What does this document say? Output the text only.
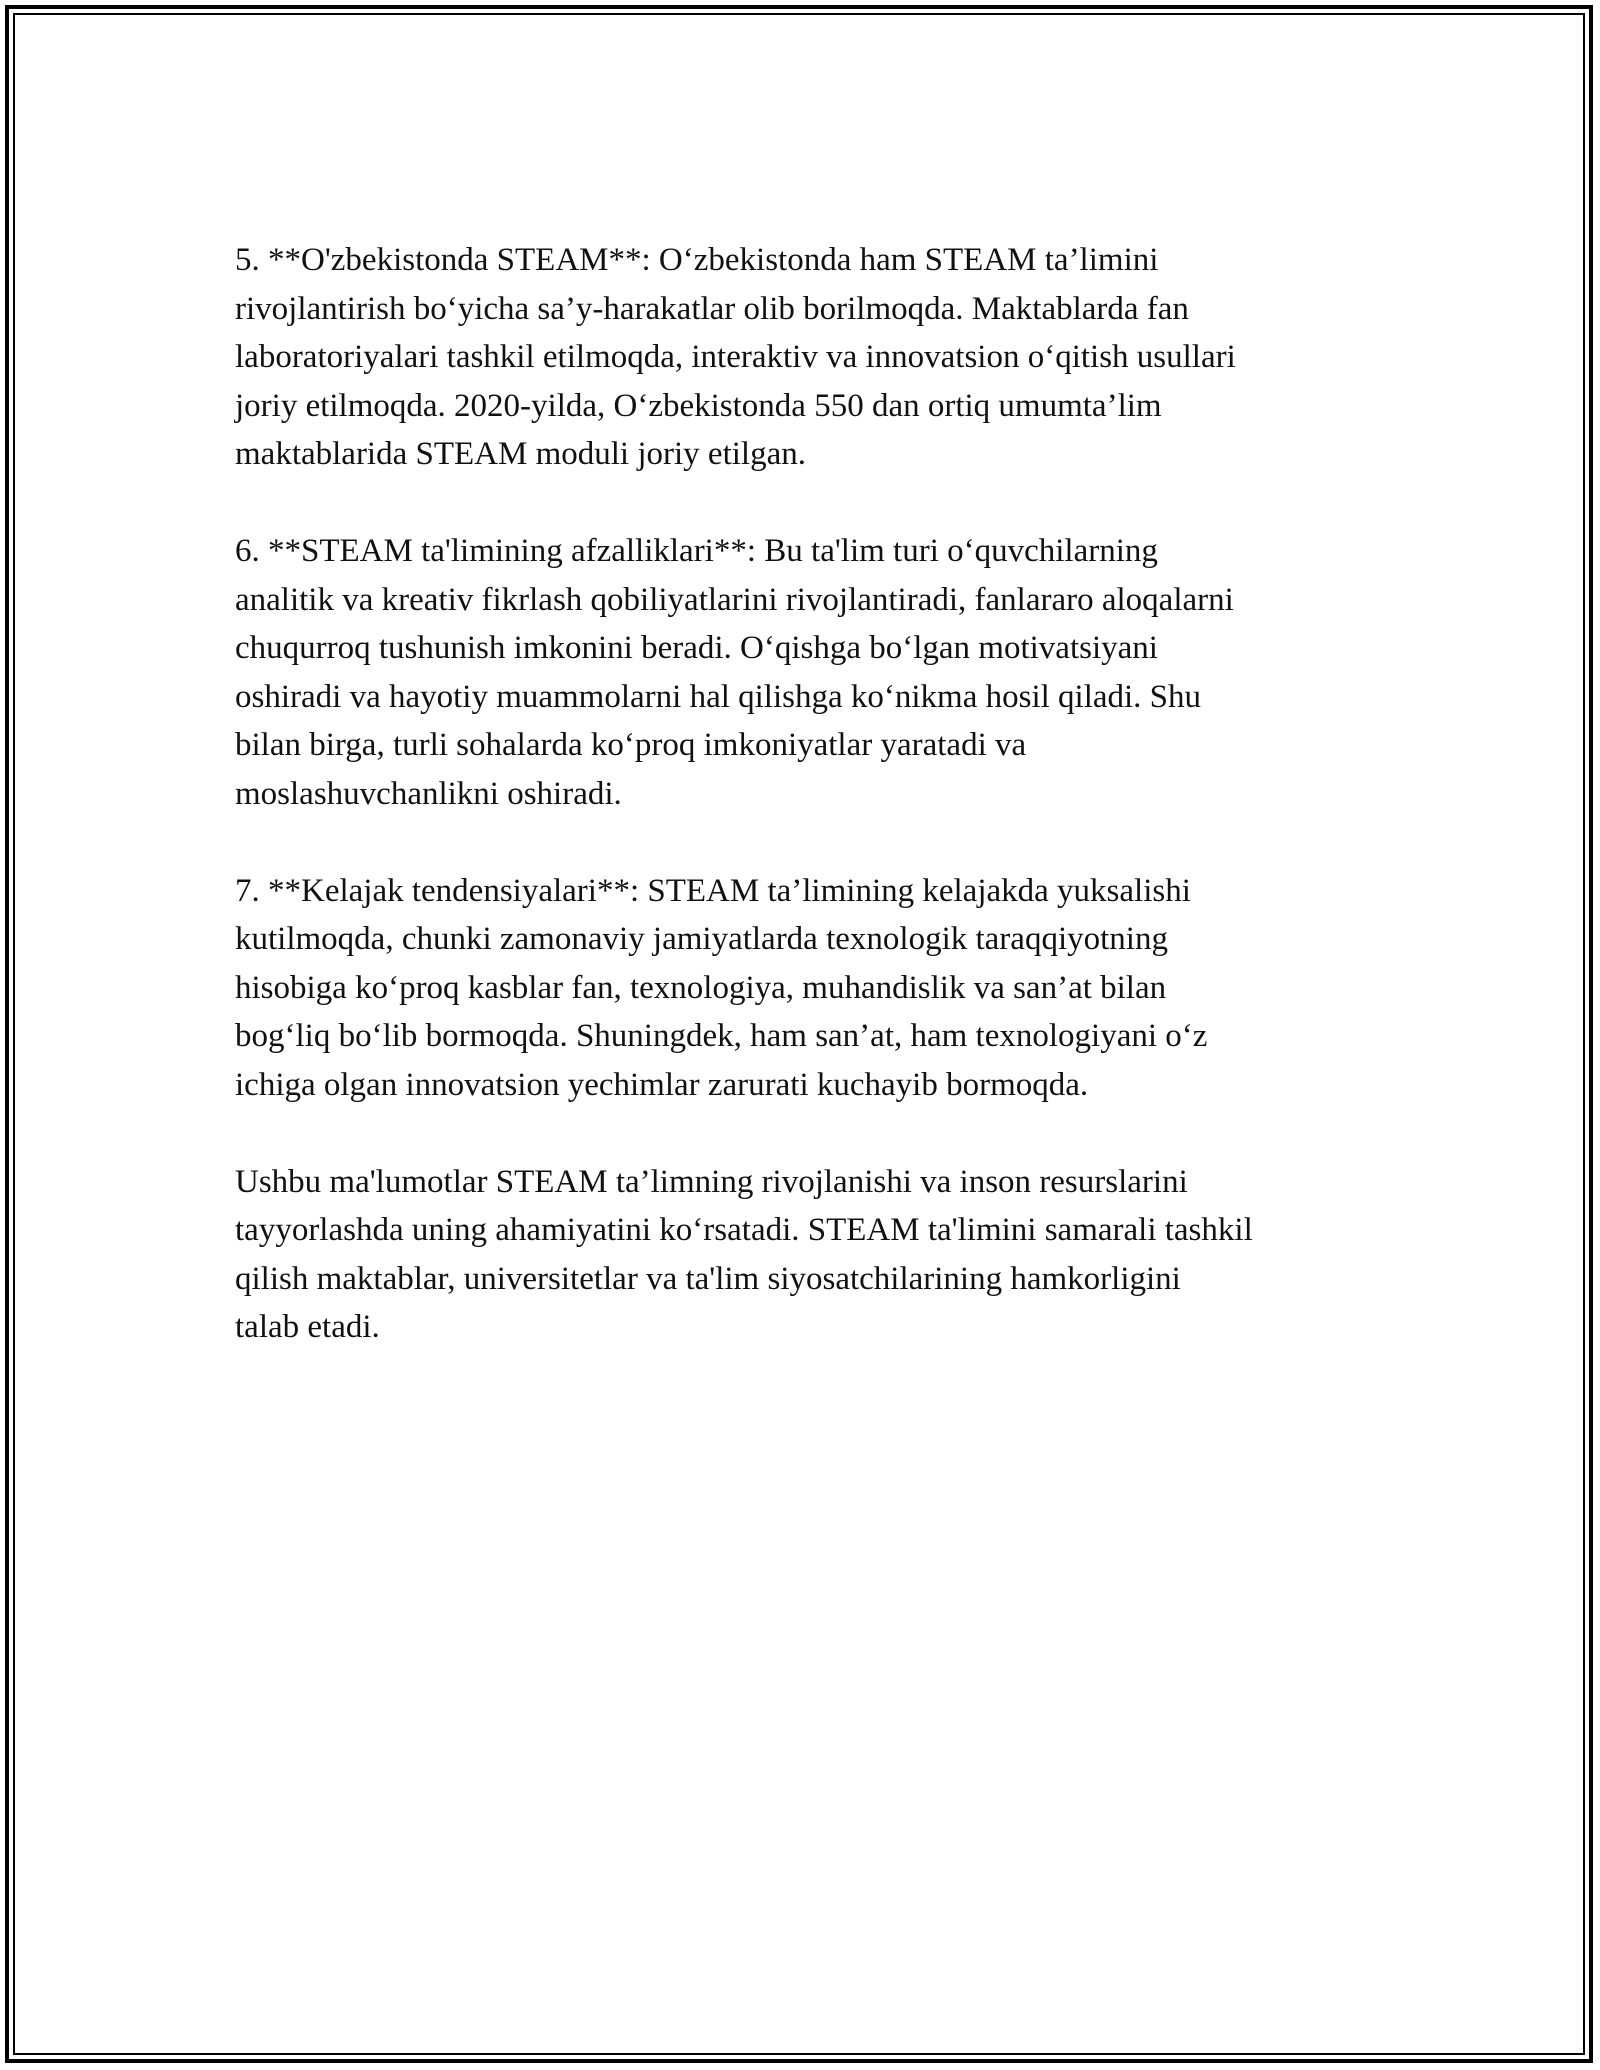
5. **O'zbekistonda STEAM**: O‘zbekistonda ham STEAM ta’limini
rivojlantirish bo‘yicha sa’y-harakatlar olib borilmoqda. Maktablarda fan
laboratoriyalari tashkil etilmoqda, interaktiv va innovatsion o‘qitish usullari
joriy etilmoqda. 2020-yilda, O‘zbekistonda 550 dan ortiq umumta’lim
maktablarida STEAM moduli joriy etilgan.

6. **STEAM ta'limining afzalliklari**: Bu ta'lim turi o‘quvchilarning
analitik va kreativ fikrlash qobiliyatlarini rivojlantiradi, fanlararo aloqalarni
chuqurroq tushunish imkonini beradi. O‘qishga bo‘lgan motivatsiyani
oshiradi va hayotiy muammolarni hal qilishga ko‘nikma hosil qiladi. Shu
bilan birga, turli sohalarda ko‘proq imkoniyatlar yaratadi va
moslashuvchanlikni oshiradi.

7. **Kelajak tendensiyalari**: STEAM ta’limining kelajakda yuksalishi
kutilmoqda, chunki zamonaviy jamiyatlarda texnologik taraqqiyotning
hisobiga ko‘proq kasblar fan, texnologiya, muhandislik va san’at bilan
bog‘liq bo‘lib bormoqda. Shuningdek, ham san’at, ham texnologiyani o‘z
ichiga olgan innovatsion yechimlar zarurati kuchayib bormoqda.

Ushbu ma'lumotlar STEAM ta’limning rivojlanishi va inson resurslarini
tayyorlashda uning ahamiyatini ko‘rsatadi. STEAM ta'limini samarali tashkil
qilish maktablar, universitetlar va ta'lim siyosatchilarining hamkorligini
talab etadi.
